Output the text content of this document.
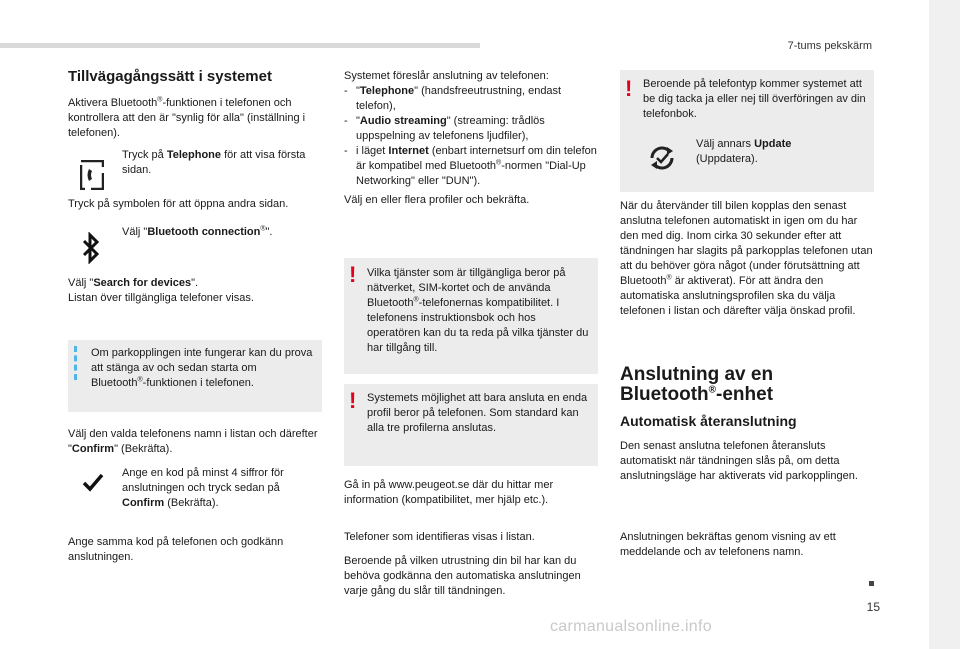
7-tums pekskärm
15
Tillvägagångssätt i systemet

Aktivera Bluetooth®-funktionen i telefonen och kontrollera att den är "synlig för alla" (inställning i telefonen).

Tryck på Telephone för att visa första sidan.

Tryck på symbolen för att öppna andra sidan.

Välj "Bluetooth connection®".

Välj "Search for devices".
Listan över tillgängliga telefoner visas.

Om parkopplingen inte fungerar kan du prova att stänga av och sedan starta om Bluetooth®-funktionen i telefonen.

Välj den valda telefonens namn i listan och därefter "Confirm" (Bekräfta).

Ange en kod på minst 4 siffror för anslutningen och tryck sedan på Confirm (Bekräfta).

Ange samma kod på telefonen och godkänn anslutningen.

Systemet föreslår anslutning av telefonen:

- "Telephone" (handsfreeutrustning, endast telefon),
- "Audio streaming" (streaming: trådlös uppspelning av telefonens ljudfiler),
- i läget Internet (enbart internetsurf om din telefon är kompatibel med Bluetooth®-normen "Dial-Up Networking" eller "DUN").

Välj en eller flera profiler och bekräfta.

! Vilka tjänster som är tillgängliga beror på nätverket, SIM-kortet och de använda Bluetooth®-telefonernas kompatibilitet. I telefonens instruktionsbok och hos operatören kan du ta reda på vilka tjänster du har tillgång till.

! Systemets möjlighet att bara ansluta en enda profil beror på telefonen. Som standard kan alla tre profilerna anslutas.

Gå in på www.peugeot.se där du hittar mer information (kompatibilitet, mer hjälp etc.).

Telefoner som identifieras visas i listan.

Beroende på vilken utrustning din bil har kan du behöva godkänna den automatiska anslutningen varje gång du slår till tändningen.

! Beroende på telefontyp kommer systemet att be dig tacka ja eller nej till överföringen av din telefonbok.

Välj annars Update (Uppdatera).

När du återvänder till bilen kopplas den senast anslutna telefonen automatiskt in igen om du har den med dig. Inom cirka 30 sekunder efter att tändningen har slagits på parkopplas telefonen utan att du behöver göra något (under förutsättning att Bluetooth® är aktiverat). För att ändra den automatiska anslutningsprofilen ska du välja telefonen i listan och därefter välja önskad profil.

Anslutning av en
Bluetooth®-enhet
Automatisk återanslutning

Den senast anslutna telefonen återansluts automatiskt när tändningen slås på, om detta anslutningsläge har aktiverats vid parkopplingen.

Anslutningen bekräftas genom visning av ett meddelande och av telefonens namn.

carmanualsonline.info
